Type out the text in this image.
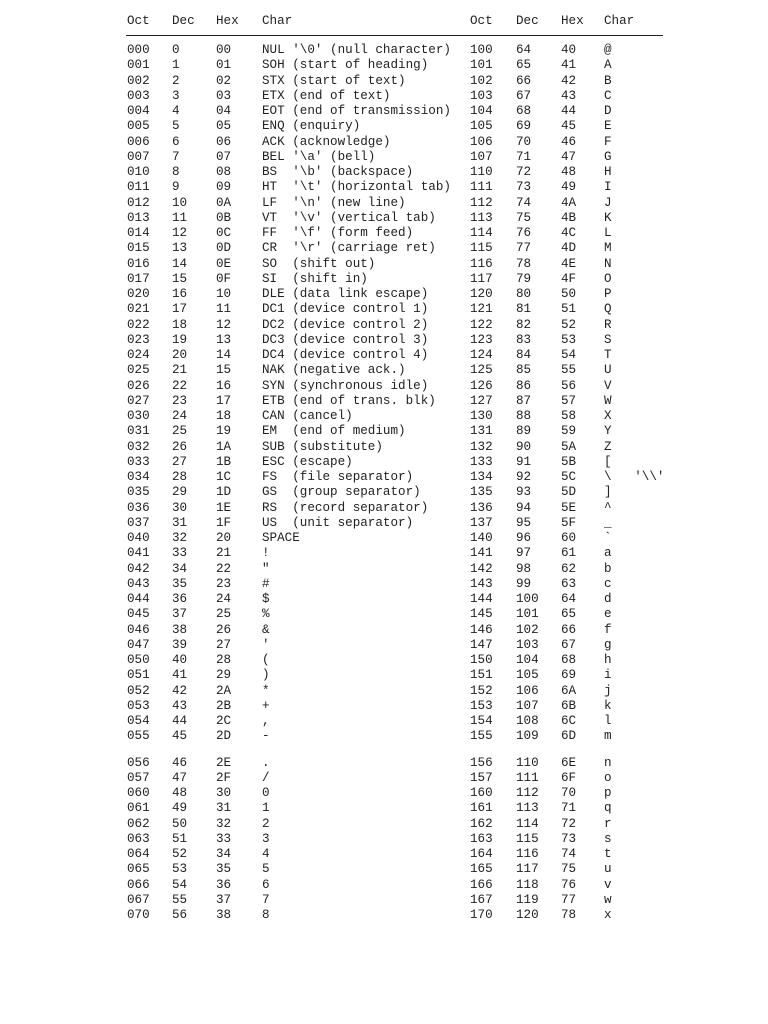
Oct Dec Hex Char	Oct Dec Hex Char
000 0	00 NUL '\0' (null character) 100 64 40 @
001 1	01 SOH (start of heading)	101 65 41 A
002 2	02 STX (start of text)	102 66 42 B
003 3	03 ETX (end of text)	103 67 43 C
004 4	04 EOT (end of transmission) 104 68 44 D
005 5	05 ENQ (enquiry)	105 69 45 E
006 6	06 ACK (acknowledge)	106 70 46 F
007 7	07 BEL '\a' (bell)	107 71 47 G
010 8	08 BS  '\b' (backspace)	110 72 48 H
011 9	09 HT  '\t' (horizontal tab) 111 73 49 I
012 10 0A LF  '\n' (new line)	112 74 4A J
013 11 0B VT  '\v' (vertical tab)	113 75 4B K
014 12 0C FF  '\f' (form feed)	114 76 4C L
015 13 0D CR  '\r' (carriage ret)	115 77 4D M
016 14 0E SO  (shift out)	116 78 4E N
017 15 0F SI  (shift in)	117 79 4F O
020 16 10 DLE (data link escape)	120 80 50 P
021 17 11 DC1 (device control 1)	121 81 51 Q
022 18 12 DC2 (device control 2)	122 82 52 R
023 19 13 DC3 (device control 3)	123 83 53 S
024 20 14 DC4 (device control 4)	124 84 54 T
025 21 15 NAK (negative ack.)	125 85 55 U
026 22 16 SYN (synchronous idle)	126 86 56 V
027 23 17 ETB (end of trans. blk)	127 87 57 W
030 24 18 CAN (cancel)	130 88 58 X
031 25 19 EM  (end of medium)	131 89 59 Y
032 26 1A SUB (substitute)	132 90 5A Z
033 27 1B ESC (escape)	133 91 5B [
034 28 1C FS  (file separator)	134 92 5C \   '\\'
035 29 1D GS  (group separator)	135 93 5D ]
036 30 1E RS  (record separator)	136 94 5E ^
037 31 1F US  (unit separator)	137 95 5F _
040 32 20 SPACE	140 96 60 `
041 33 21 !	141 97 61 a
042 34 22 "	142 98 62 b
043 35 23 #	143 99 63 c
044 36 24 $	144 100 64 d
045 37 25 %	145 101 65 e
046 38 26 &	146 102 66 f
047 39 27 '	147 103 67 g
050 40 28 (	150 104 68 h
051 41 29 )	151 105 69 i
052 42 2A *	152 106 6A j
053 43 2B +	153 107 6B k
054 44 2C ,	154 108 6C l
055 45 2D -	155 109 6D m
056 46 2E .	156 110 6E n
057 47 2F /	157 111 6F o
060 48 30 0	160 112 70 p
061 49 31 1	161 113 71 q
062 50 32 2	162 114 72 r
063 51 33 3	163 115 73 s
064 52 34 4	164 116 74 t
065 53 35 5	165 117 75 u
066 54 36 6	166 118 76 v
067 55 37 7	167 119 77 w
070 56 38 8	170 120 78 x
